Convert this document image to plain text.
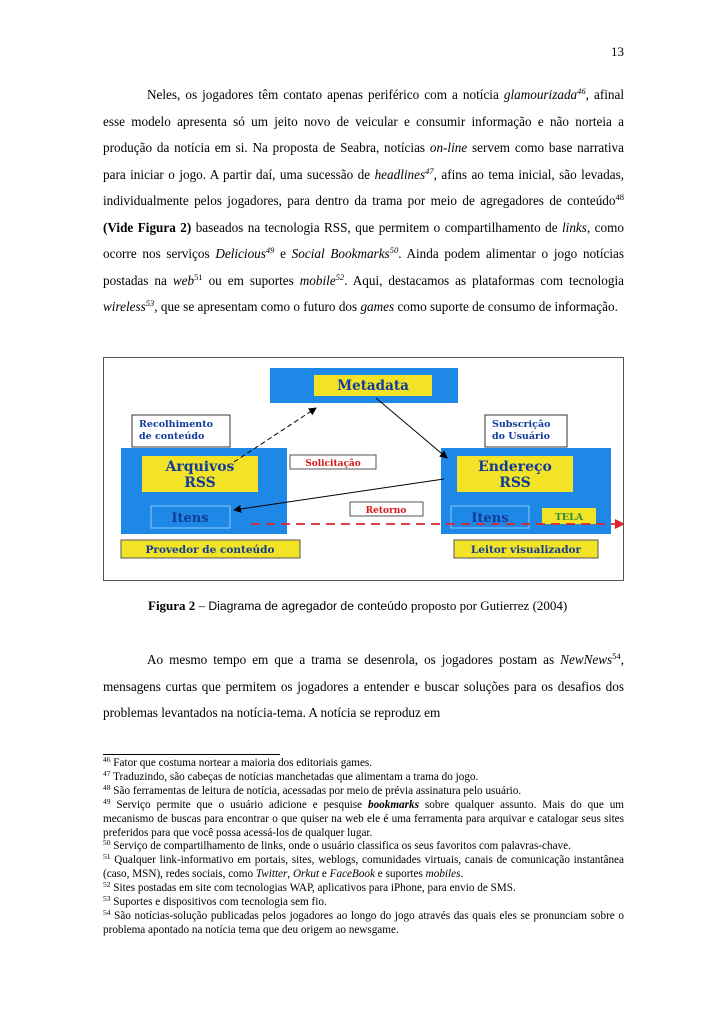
13

Neles, os jogadores têm contato apenas periférico com a notícia glamourizada$^{46}$, afinal esse modelo apresenta só um jeito novo de veicular e consumir informação e não norteia a produção da notícia em si. Na proposta de Seabra, notícias on-line servem como base narrativa para iniciar o jogo. A partir daí, uma sucessão de headlines$^{47}$, afins ao tema inicial, são levadas, individualmente pelos jogadores, para dentro da trama por meio de agregadores de conteúdo$^{48}$ (Vide Figura 2) baseados na tecnologia RSS, que permitem o compartilhamento de links, como ocorre nos serviços Delicious$^{49}$ e Social Bookmarks$^{50}$. Ainda podem alimentar o jogo notícias postadas na web$^{51}$ ou em suportes mobile$^{52}$. Aqui, destacamos as plataformas com tecnologia wireless$^{53}$, que se apresentam como o futuro dos games como suporte de consumo de informação.

Metadata
Recolhimento
de conteúdo
Subscrição
do Usuário
Arquivos
RSS
Itens
Endereço
RSS
Itens	TELA
Solicitação
Retorno
Provedor de conteúdo	Leitor visualizador
Figura 2 – Diagrama de agregador de conteúdo proposto por Gutierrez (2004)

Ao mesmo tempo em que a trama se desenrola, os jogadores postam as NewNews$^{54}$, mensagens curtas que permitem os jogadores a entender e buscar soluções para os desafios dos problemas levantados na notícia-tema. A notícia se reproduz em

$^{46}$ Fator que costuma nortear a maioria dos editoriais games.

$^{47}$ Traduzindo, são cabeças de notícias manchetadas que alimentam a trama do jogo.

$^{48}$ São ferramentas de leitura de notícia, acessadas por meio de prévia assinatura pelo usuário.

$^{49}$ Serviço permite que o usuário adicione e pesquise bookmarks sobre qualquer assunto. Mais do que um mecanismo de buscas para encontrar o que quiser na web ele é uma ferramenta para arquivar e catalogar seus sites preferidos para que você possa acessá-los de qualquer lugar.

$^{50}$ Serviço de compartilhamento de links, onde o usuário classifica os seus favoritos com palavras-chave.

$^{51}$ Qualquer link-informativo em portais, sites, weblogs, comunidades virtuais, canais de comunicação instantânea (caso, MSN), redes sociais, como Twitter, Orkut e FaceBook e suportes mobiles.

$^{52}$ Sites postadas em site com tecnologias WAP, aplicativos para iPhone, para envio de SMS.

$^{53}$ Suportes e dispositivos com tecnologia sem fio.

$^{54}$ São notícias-solução publicadas pelos jogadores ao longo do jogo através das quais eles se pronunciam sobre o problema apontado na notícia tema que deu origem ao newsgame.
